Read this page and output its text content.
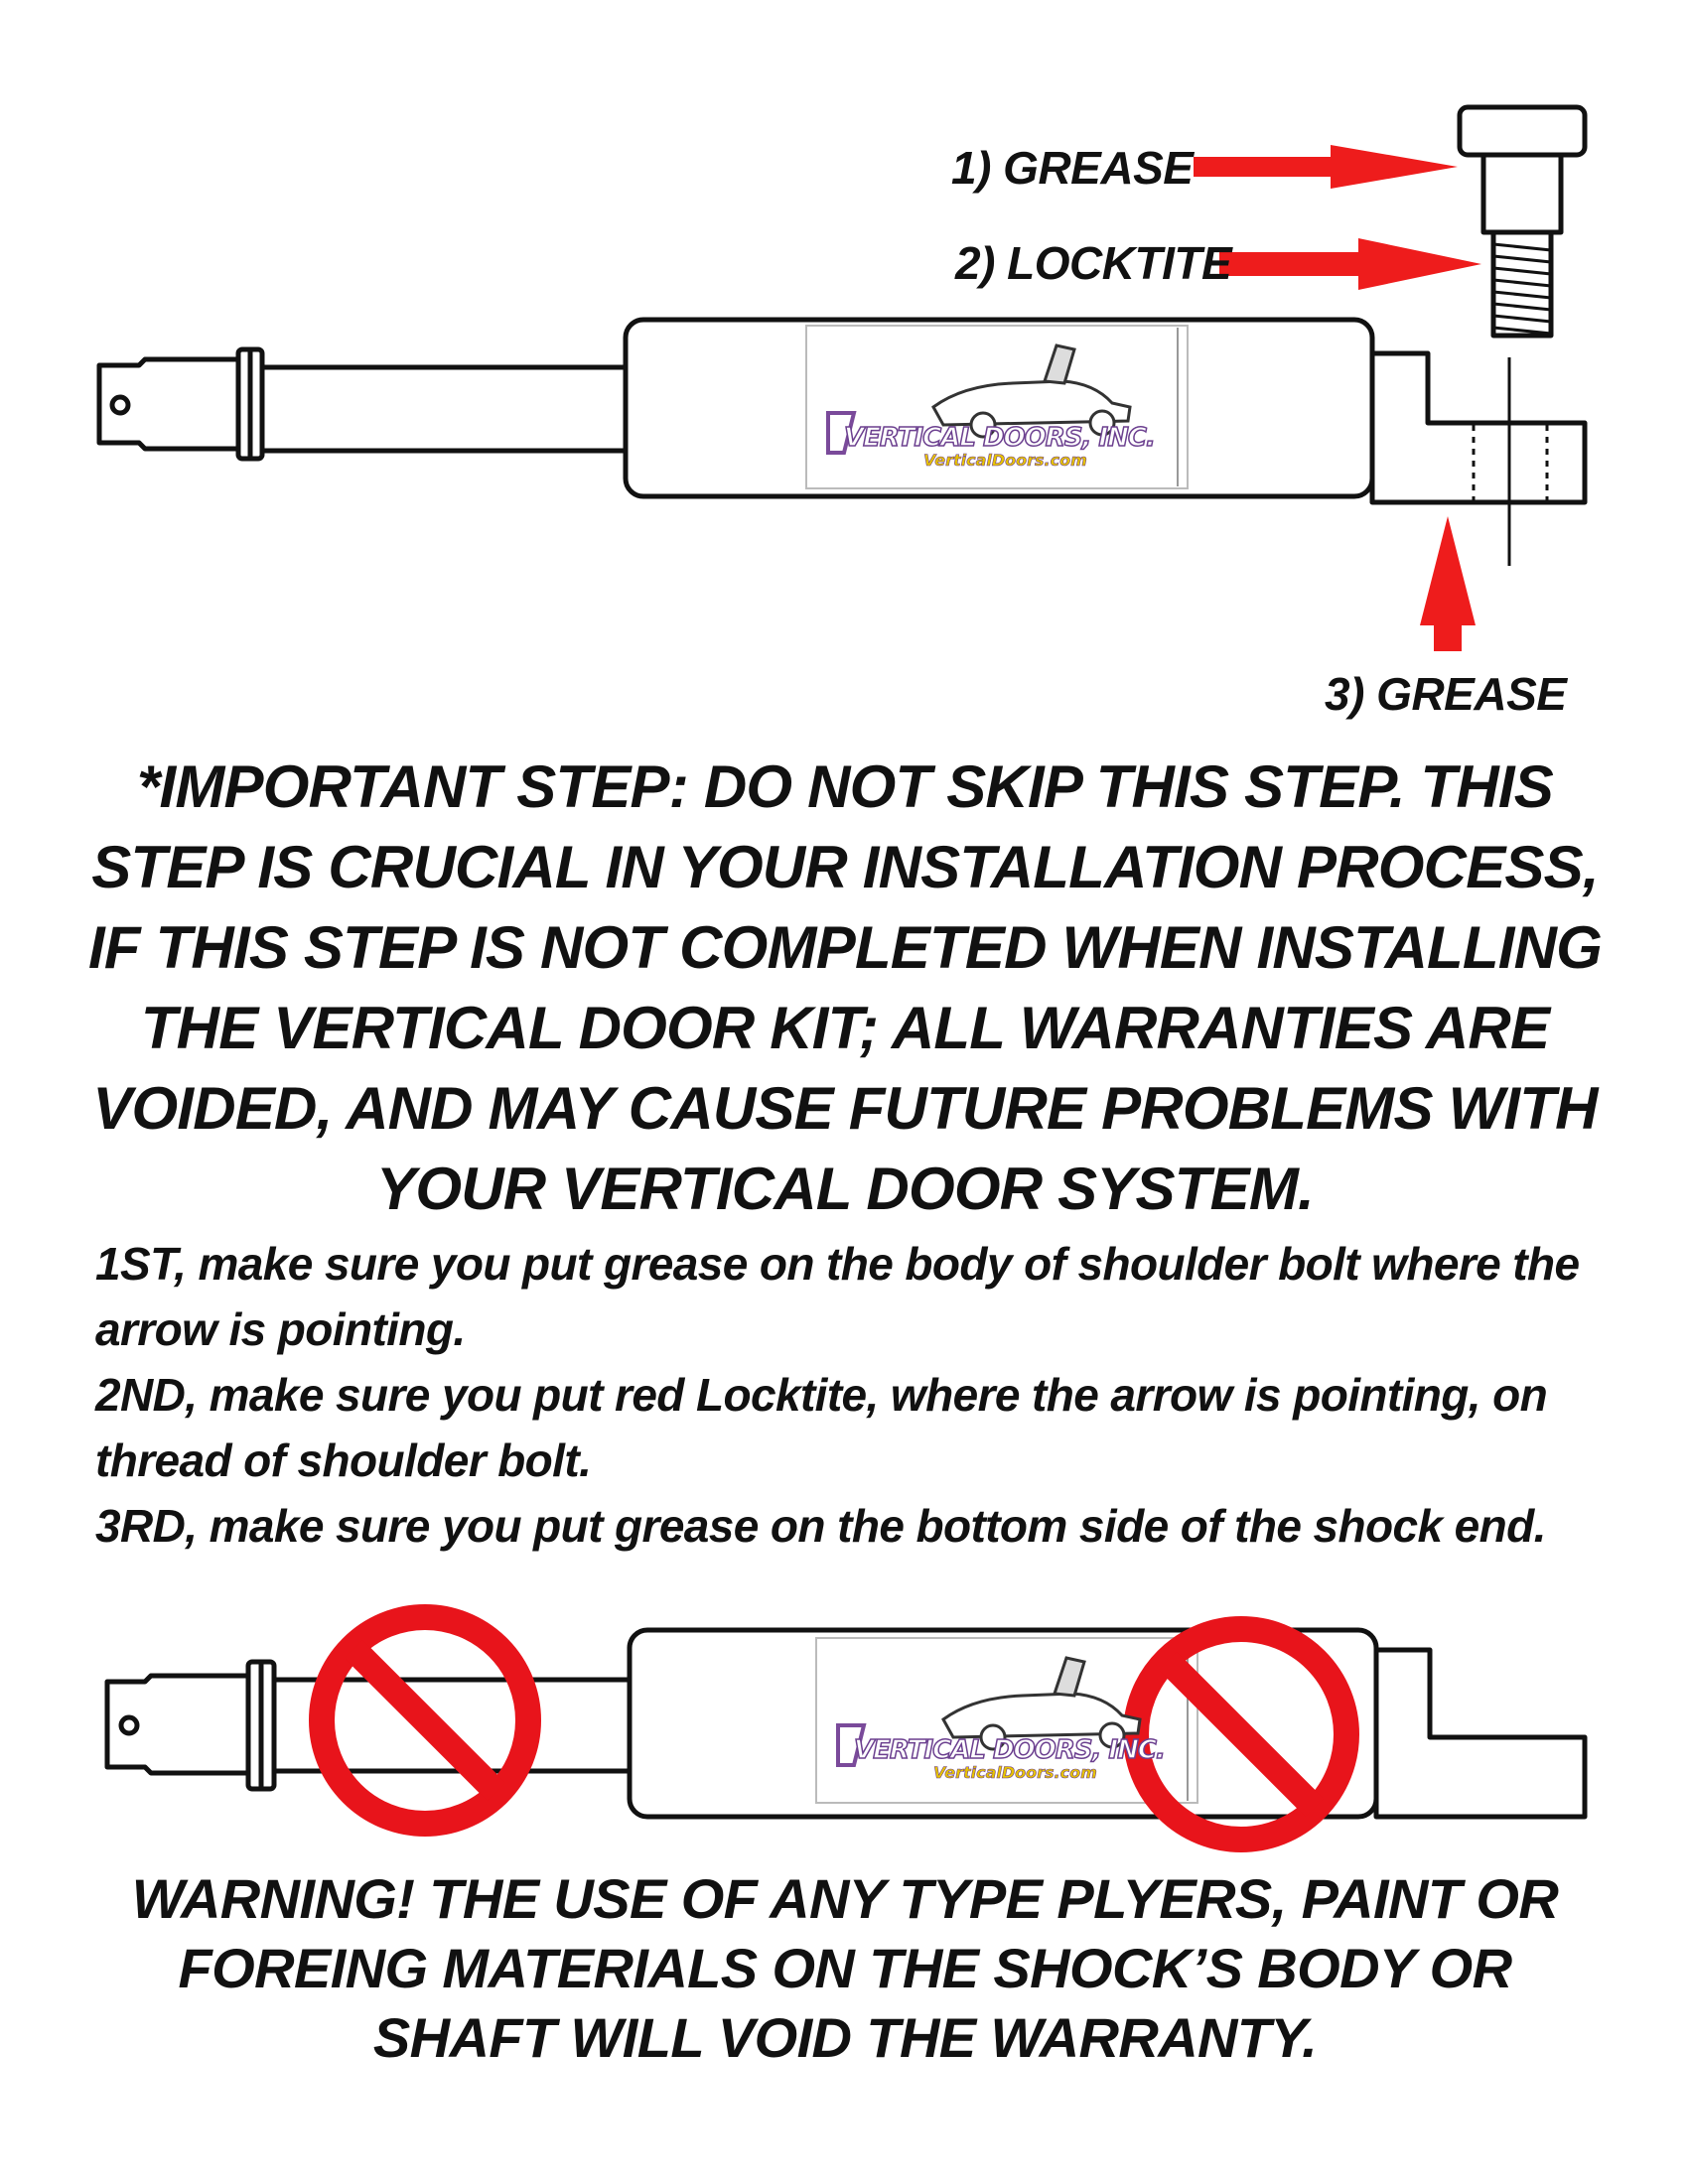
VERTICAL DOORS, INC.
VerticalDoors.com
VERTICAL DOORS, INC.
VerticalDoors.com
1) GREASE
2) LOCKTITE
3) GREASE
*IMPORTANT STEP: DO NOT SKIP THIS STEP. THIS
STEP IS CRUCIAL IN YOUR INSTALLATION PROCESS,
IF THIS STEP IS NOT COMPLETED WHEN INSTALLING
THE VERTICAL DOOR KIT; ALL WARRANTIES ARE
VOIDED, AND MAY CAUSE FUTURE PROBLEMS WITH
YOUR VERTICAL DOOR SYSTEM.

1ST, make sure you put grease on the body of shoulder bolt where the arrow is pointing.

2ND, make sure you put red Locktite, where the arrow is pointing, on thread of shoulder bolt.

3RD, make sure you put grease on the bottom side of the shock end.

WARNING! THE USE OF ANY TYPE PLYERS, PAINT OR
FOREING MATERIALS ON THE SHOCK’S BODY OR
SHAFT WILL VOID THE WARRANTY.
